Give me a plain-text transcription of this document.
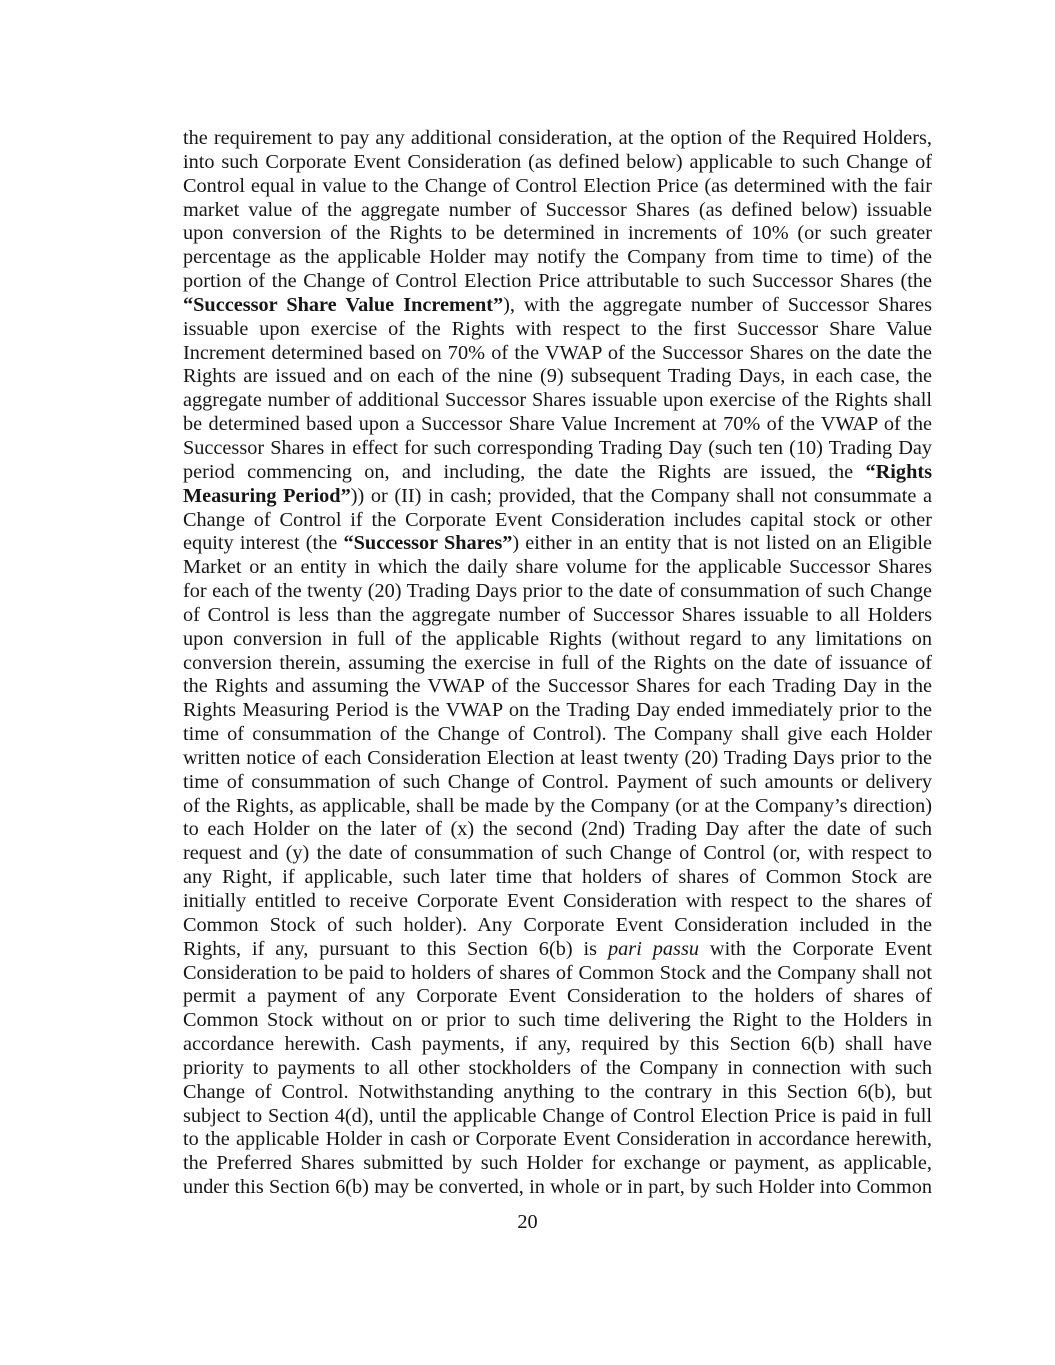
the requirement to pay any additional consideration, at the option of the Required Holders,
into such Corporate Event Consideration (as defined below) applicable to such Change of
Control equal in value to the Change of Control Election Price (as determined with the fair
market value of the aggregate number of Successor Shares (as defined below) issuable
upon conversion of the Rights to be determined in increments of 10% (or such greater
percentage as the applicable Holder may notify the Company from time to time) of the
portion of the Change of Control Election Price attributable to such Successor Shares (the
“Successor Share Value Increment”), with the aggregate number of Successor Shares
issuable upon exercise of the Rights with respect to the first Successor Share Value
Increment determined based on 70% of the VWAP of the Successor Shares on the date the
Rights are issued and on each of the nine (9) subsequent Trading Days, in each case, the
aggregate number of additional Successor Shares issuable upon exercise of the Rights shall
be determined based upon a Successor Share Value Increment at 70% of the VWAP of the
Successor Shares in effect for such corresponding Trading Day (such ten (10) Trading Day
period commencing on, and including, the date the Rights are issued, the “Rights
Measuring Period”)) or (II) in cash; provided, that the Company shall not consummate a
Change of Control if the Corporate Event Consideration includes capital stock or other
equity interest (the “Successor Shares”) either in an entity that is not listed on an Eligible
Market or an entity in which the daily share volume for the applicable Successor Shares
for each of the twenty (20) Trading Days prior to the date of consummation of such Change
of Control is less than the aggregate number of Successor Shares issuable to all Holders
upon conversion in full of the applicable Rights (without regard to any limitations on
conversion therein, assuming the exercise in full of the Rights on the date of issuance of
the Rights and assuming the VWAP of the Successor Shares for each Trading Day in the
Rights Measuring Period is the VWAP on the Trading Day ended immediately prior to the
time of consummation of the Change of Control). The Company shall give each Holder
written notice of each Consideration Election at least twenty (20) Trading Days prior to the
time of consummation of such Change of Control. Payment of such amounts or delivery
of the Rights, as applicable, shall be made by the Company (or at the Company’s direction)
to each Holder on the later of (x) the second (2nd) Trading Day after the date of such
request and (y) the date of consummation of such Change of Control (or, with respect to
any Right, if applicable, such later time that holders of shares of Common Stock are
initially entitled to receive Corporate Event Consideration with respect to the shares of
Common Stock of such holder). Any Corporate Event Consideration included in the
Rights, if any, pursuant to this Section 6(b) is pari passu with the Corporate Event
Consideration to be paid to holders of shares of Common Stock and the Company shall not
permit a payment of any Corporate Event Consideration to the holders of shares of
Common Stock without on or prior to such time delivering the Right to the Holders in
accordance herewith. Cash payments, if any, required by this Section 6(b) shall have
priority to payments to all other stockholders of the Company in connection with such
Change of Control. Notwithstanding anything to the contrary in this Section 6(b), but
subject to Section 4(d), until the applicable Change of Control Election Price is paid in full
to the applicable Holder in cash or Corporate Event Consideration in accordance herewith,
the Preferred Shares submitted by such Holder for exchange or payment, as applicable,
under this Section 6(b) may be converted, in whole or in part, by such Holder into Common
20
